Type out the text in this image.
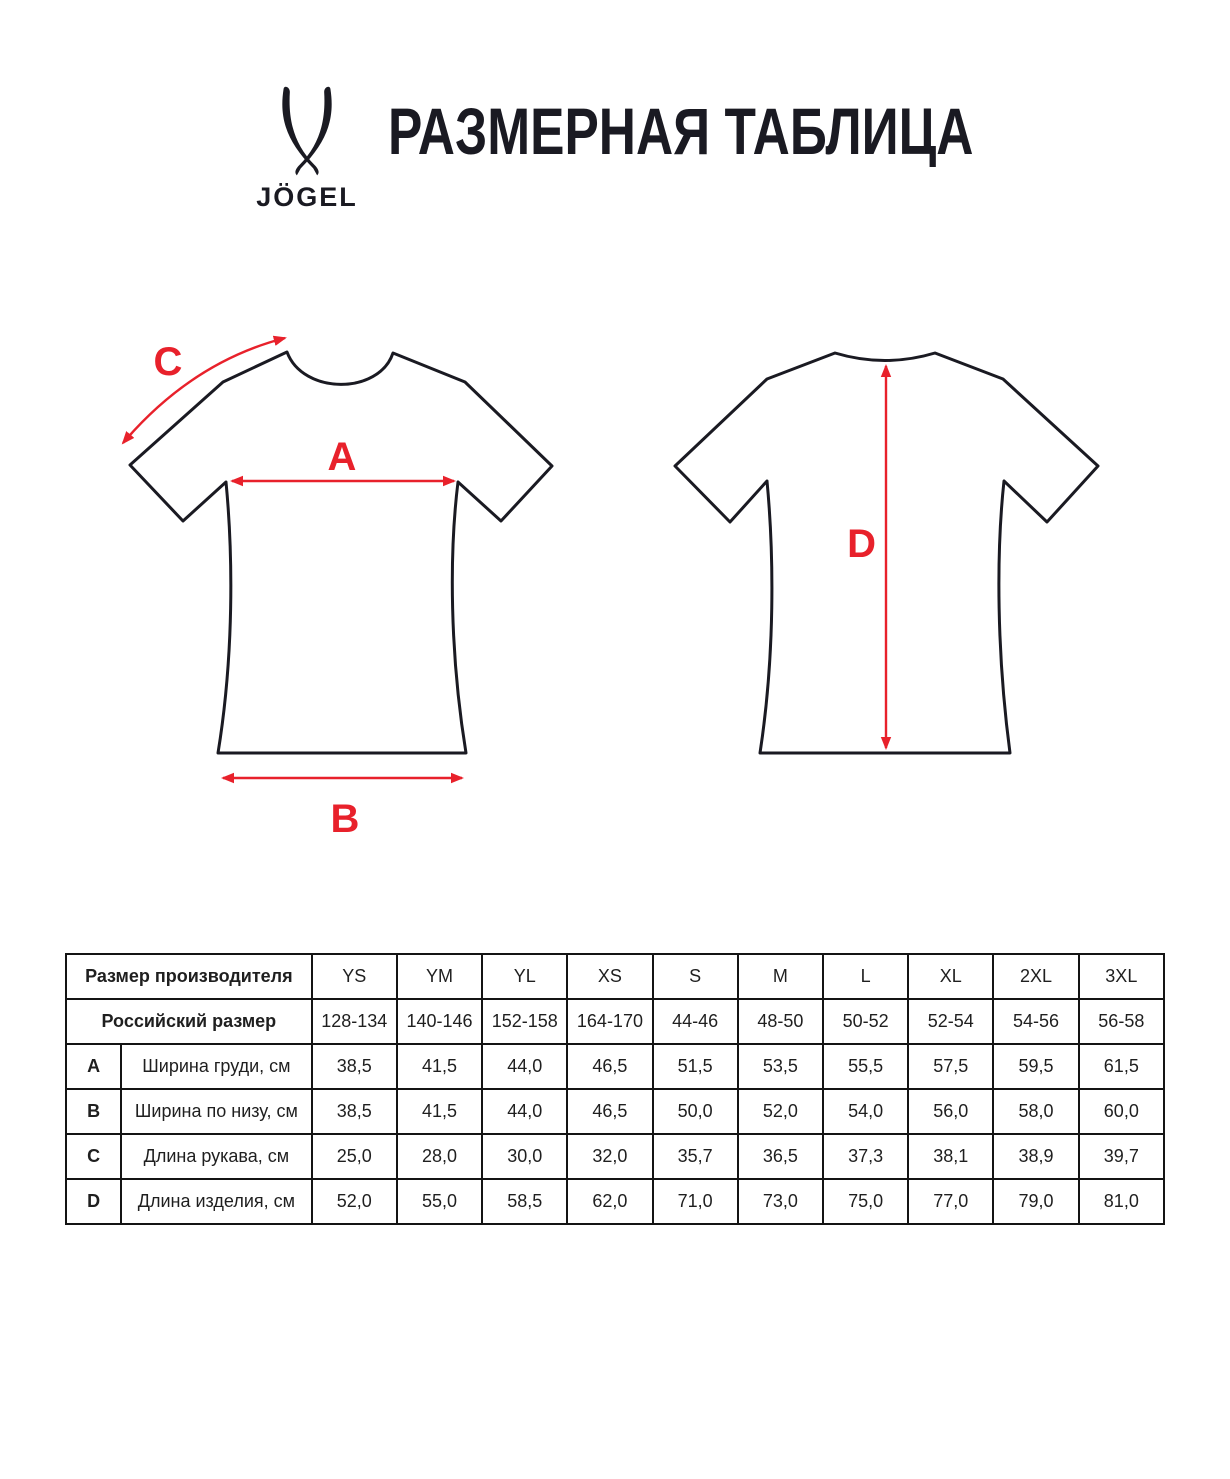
JÖGEL
РАЗМЕРНАЯ ТАБЛИЦА
A
B
C
D
Размер производителя		YS	YM	YL	XS	S	M	L	XL	2XL	3XL
Российский размер		128-134	140-146	152-158	164-170	44-46	48-50	50-52	52-54	54-56	56-58
A	Ширина груди, см	38,5	41,5	44,0	46,5	51,5	53,5	55,5	57,5	59,5	61,5
B	Ширина по низу, см	38,5	41,5	44,0	46,5	50,0	52,0	54,0	56,0	58,0	60,0
C	Длина рукава, см	25,0	28,0	30,0	32,0	35,7	36,5	37,3	38,1	38,9	39,7
D	Длина изделия, см	52,0	55,0	58,5	62,0	71,0	73,0	75,0	77,0	79,0	81,0
